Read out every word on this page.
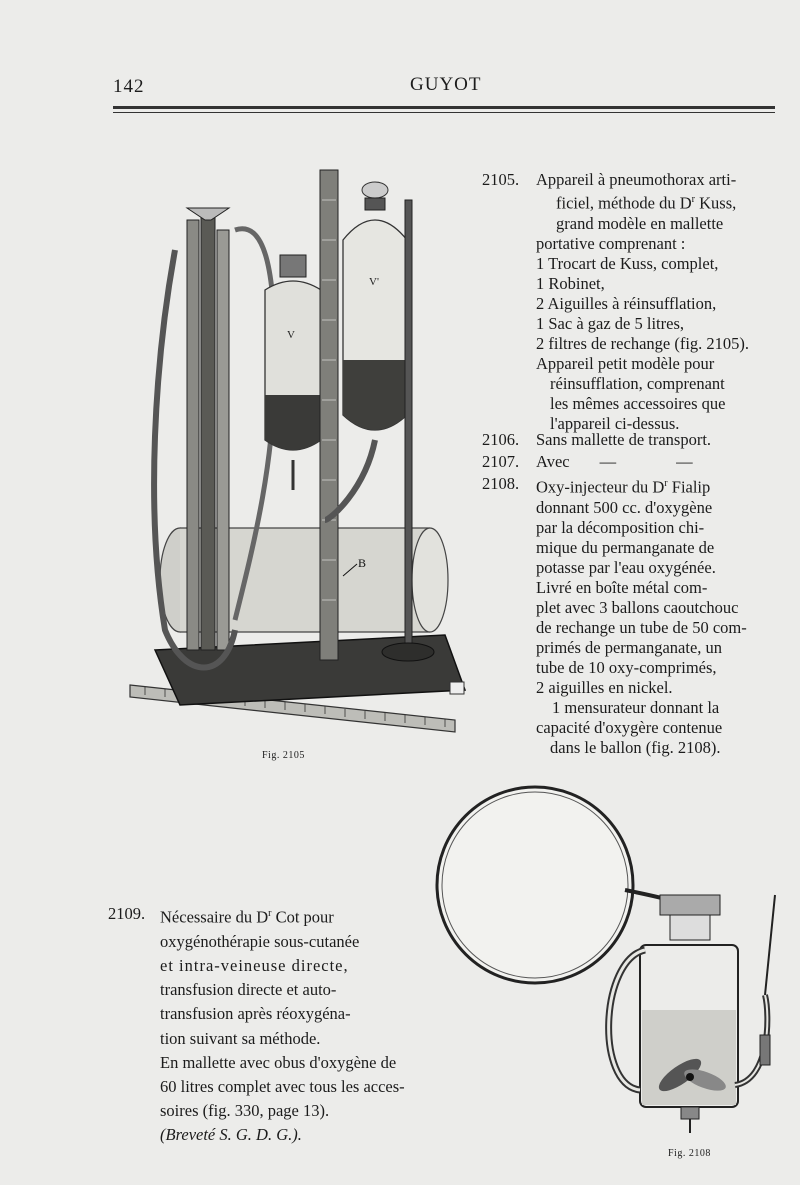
142	GUYOT
V
V'
B
Fig. 2105
2105.	Appareil à pneumothorax arti-
ficiel, méthode du $D^r$ Kuss,
grand modèle en mallette
portative comprenant :
1 Trocart de Kuss, complet,
1 Robinet,
2 Aiguilles à réinsufflation,
1 Sac à gaz de 5 litres,
2 filtres de rechange (fig. 2105).
Appareil petit modèle pour
réinsufflation, comprenant
les mêmes accessoires que
l'appareil ci-dessus.
2106.	Sans mallette de transport.
2107.	Avec —	—
2108.	Oxy-injecteur du $D^r$ Fialip
donnant 500 cc. d'oxygène
par la décomposition chi-
mique du permanganate de
potasse par l'eau oxygénée.
Livré en boîte métal com-
plet avec 3 ballons caoutchouc
de rechange un tube de 50 com-
primés de permanganate, un
tube de 10 oxy-comprimés,
2 aiguilles en nickel.
1 mensurateur donnant la
capacité d'oxygère contenue
dans le ballon (fig. 2108).
Fig. 2108
2109. Nécessaire du $D^r$ Cot pour
oxygénothérapie sous-cutanée
et intra-veineuse directe,
transfusion directe et auto-
transfusion après réoxygéna-
tion suivant sa méthode.
En mallette avec obus d'oxygène de
60 litres complet avec tous les acces-
soires (fig. 330, page 13).
(Breveté S. G. D. G.).
